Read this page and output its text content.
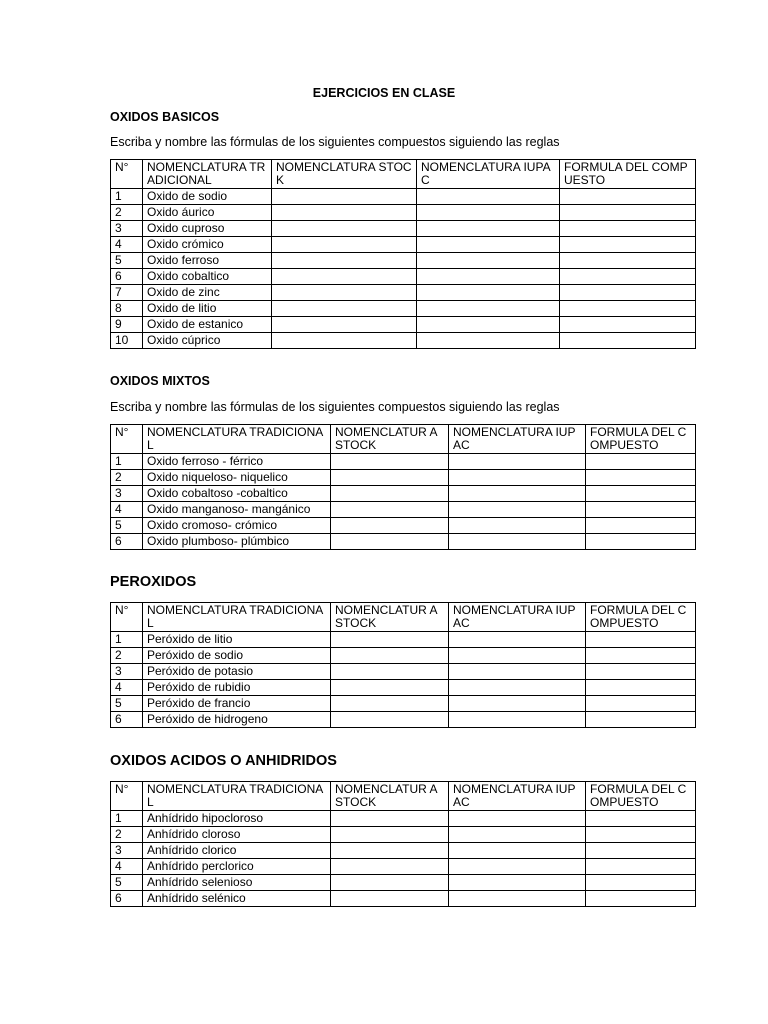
EJERCICIOS EN CLASE
OXIDOS BASICOS
Escriba y nombre las fórmulas de los siguientes compuestos siguiendo las reglas
N°	NOMENCLATURA TRADICIONAL	NOMENCLATURA STOCK	NOMENCLATURA IUPAC	FORMULA DEL COMPUESTO
1	Oxido de sodio			
2	Oxido áurico			
3	Oxido cuproso			
4	Oxido crómico			
5	Oxido ferroso			
6	Oxido cobaltico			
7	Oxido de zinc			
8	Oxido de litio			
9	Oxido de estanico			
10	Oxido cúprico			
OXIDOS MIXTOS
Escriba y nombre las fórmulas de los siguientes compuestos siguiendo las reglas
N°	NOMENCLATURA TRADICIONAL	NOMENCLATUR A STOCK	NOMENCLATURA IUPAC	FORMULA DEL COMPUESTO
1	Oxido ferroso - férrico			
2	Oxido niqueloso- niquelico			
3	Oxido cobaltoso -cobaltico			
4	Oxido manganoso- mangánico			
5	Oxido cromoso- crómico			
6	Oxido plumboso- plúmbico			
PEROXIDOS
N°	NOMENCLATURA TRADICIONAL	NOMENCLATUR A STOCK	NOMENCLATURA IUPAC	FORMULA DEL COMPUESTO
1	Peróxido de litio			
2	Peróxido de sodio			
3	Peróxido de potasio			
4	Peróxido de rubidio			
5	Peróxido de francio			
6	Peróxido de hidrogeno			
OXIDOS ACIDOS O ANHIDRIDOS
N°	NOMENCLATURA TRADICIONAL	NOMENCLATUR A STOCK	NOMENCLATURA IUPAC	FORMULA DEL COMPUESTO
1	Anhídrido hipocloroso			
2	Anhídrido cloroso			
3	Anhídrido clorico			
4	Anhídrido perclorico			
5	Anhídrido selenioso			
6	Anhídrido selénico			
